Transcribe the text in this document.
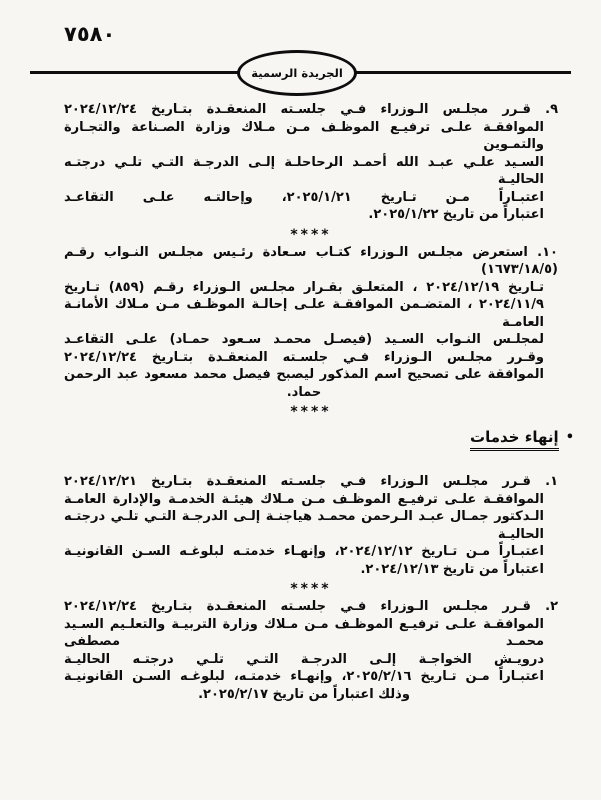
٧٥٨٠
الجريدة الرسمية
٩. قـرر مجلـس الـوزراء فـي جلسـته المنعقـدة بتـاريخ ٢٠٢٤/١٢/٢٤
الموافقـة علـى ترفيـع الموظـف مـن مـلاك وزارة الصـناعة والتجـارة والتمـوين
السـيد علـي عبـد الله أحمـد الرحاحلـة إلـى الدرجـة التـي تلـي درجتـه الحاليـة
اعتبـاراً مـن تـاريخ ٢٠٢٥/١/٢١، وإحالتـه علـى التقاعـد
اعتباراً من تاريخ ٢٠٢٥/١/٢٢.
****
١٠. استعرض مجلـس الـوزراء كتـاب سـعادة رئـيس مجلـس النـواب رقـم (١٦٧٣/١٨/٥)
تـاريخ ٢٠٢٤/١٢/١٩ ، المتعلـق بقـرار مجلـس الـوزراء رقـم (٨٥٩) تـاريخ
٢٠٢٤/١١/٩ ، المتضـمن الموافقـة علـى إحالـة الموظـف مـن مـلاك الأمانـة العامـة
لمجلـس النـواب السـيد (فيصـل محمـد سـعود حمـاد) علـى التقاعـد
وقـرر مجلـس الـوزراء فـي جلسـته المنعقـدة بتـاريخ ٢٠٢٤/١٢/٢٤
الموافقة على تصحيح اسم المذكور ليصبح فيصل محمد مسعود عبد الرحمن حماد.
****
•إنهاء خدمات
١. قـرر مجلـس الـوزراء فـي جلسـته المنعقـدة بتـاريخ ٢٠٢٤/١٢/٢١
الموافقـة علـى ترفيـع الموظـف مـن مـلاك هيئـة الخدمـة والإدارة العامـة
الـدكتور جمـال عبـد الـرحمن محمـد هياجنـة إلـى الدرجـة التـي تلـي درجتـه الحاليـة
اعتبـاراً مـن تـاريخ ٢٠٢٤/١٢/١٢، وإنهـاء خدمتـه لبلوغـه السـن القانونيـة
اعتباراً من تاريخ ٢٠٢٤/١٢/١٣.
****
٢. قـرر مجلـس الـوزراء فـي جلسـته المنعقـدة بتـاريخ ٢٠٢٤/١٢/٢٤
الموافقـة علـى ترفيـع الموظـف مـن مـلاك وزارة التربيـة والتعلـيم السـيد محمـد مصطفى
درويـش الخواجـة إلـى الدرجـة التـي تلـي درجتـه الحاليـة
اعتبـاراً مـن تـاريخ ٢٠٢٥/٢/١٦، وإنهـاء خدمتـه، لبلوغـه السـن القانونيـة
وذلك اعتباراً من تاريخ ٢٠٢٥/٢/١٧.
